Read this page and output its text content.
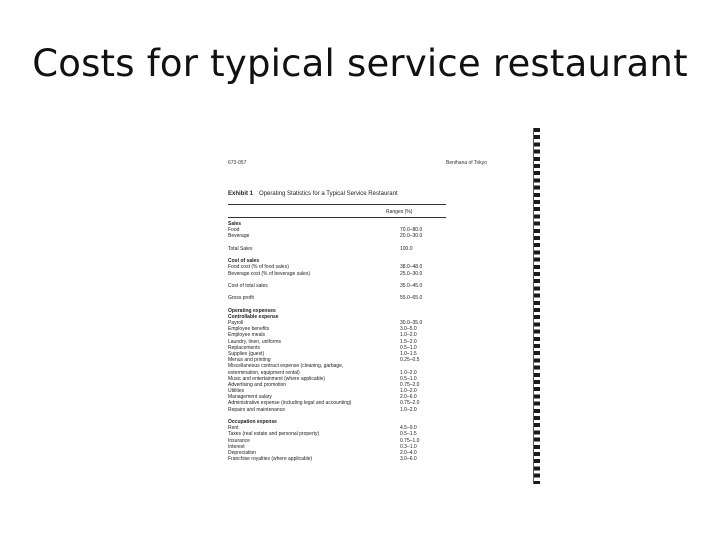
Costs for typical service restaurant
673-057	Benihana of Tokyo
Exhibit 1 Operating Statistics for a Typical Service Restaurant
Ranges (%)
Sales
Food	70.0–80.0
Beverage	20.0–30.0
Total Sales	100.0
Cost of sales
Food cost (% of food sales)	38.0–48.0
Beverage cost (% of beverage sales)	25.0–30.0
Cost of total sales	35.0–45.0
Gross profit	55.0–65.0
Operating expenses
Controllable expense
Payroll	30.0–35.0
Employee benefits	3.0–5.0
Employee meals	1.0–2.0
Laundry, linen, uniforms	1.5–2.0
Replacements	0.5–1.0
Supplies (guest)	1.0–1.5
Menus and printing	0.25–0.5
Miscellaneous contract expense (cleaning, garbage,
extermination, equipment rental)	1.0–2.0
Music and entertainment (where applicable)	0.5–1.0
Advertising and promotion	0.75–2.0
Utilities	1.0–2.0
Management salary	2.0–6.0
Administrative expense (including legal and accounting)	0.75–2.0
Repairs and maintenance	1.0–2.0
Occupation expense
Rent	4.5–9.0
Taxes (real estate and personal property)	0.5–1.5
Insurance	0.75–1.0
Interest	0.3–1.0
Depreciation	2.0–4.0
Franchise royalties (where applicable)	3.0–6.0
